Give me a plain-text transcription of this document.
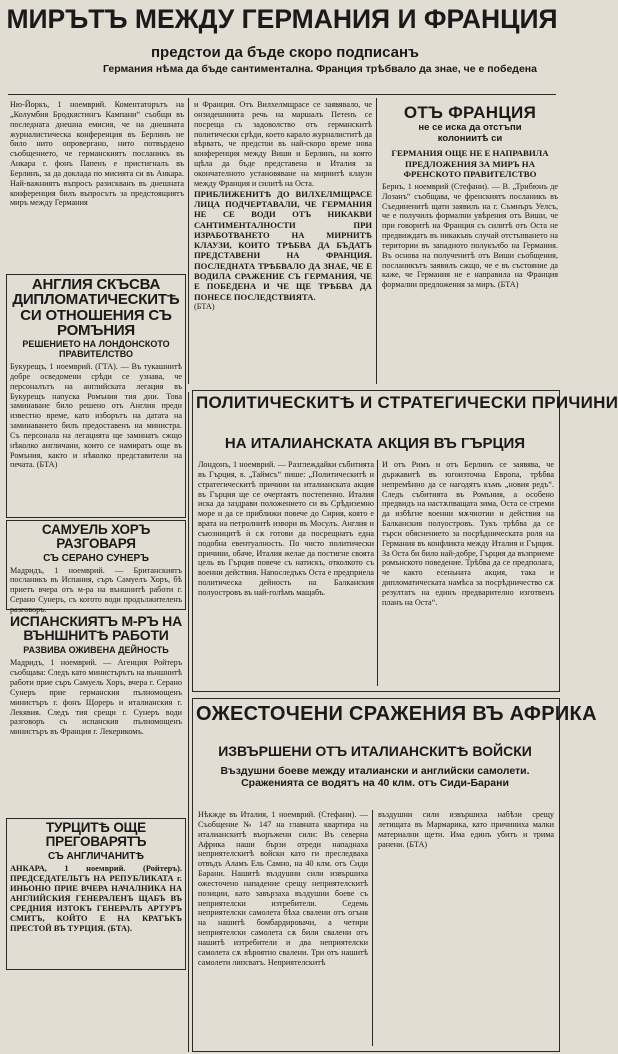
МИРЪТЪ МЕЖДУ ГЕРМАНИЯ И ФРАНЦИЯ
предстои да бъде скоро подписанъ
Германия нѣма да бъде сантиментална. Франция трѣбвало да знае, че е победена
Ню-Йоркъ, 1 ноемврий. Коментаторътъ на „Колумбия Бродкястингъ Кампани“ съобщи въ последната днешна емисия, че на днешната журналистическа конференция въ Берлинъ не било нито опровергано, нито потвърдено съобщението, че германскиятъ посланикъ въ Анкара г. фонъ Папенъ е пристигналъ въ Берлинъ, за да доклада по мисията си въ Анкара. Най-важниятъ въпросъ разискванъ въ днешната конференция билъ въпросътъ за предстоящиятъ миръ между Германия
и Франция. Отъ Вилхелмщрасе се заявявало, че онзидешнията речь на маршалъ Петенъ се посреща съ задоволство отъ германскитѣ политически срѣди, което карало журналиститѣ да вѣрватъ, че предстои въ най-скоро време нова конференция между Виши и Берлинъ, на която щѣла да бъде представена и Италия за окончателното установяване на мирнитѣ клаузи между Франция и силитѣ на Оста.
ПРИБЛИЖЕНИТѢ ДО ВИЛХЕЛМЩРАСЕ ЛИЦА ПОДЧЕРТАВАЛИ, ЧЕ ГЕРМАНИЯ НЕ СЕ ВОДИ ОТЪ НИКАКВИ САНТИМЕНТАЛНОСТИ ПРИ ИЗРАБОТВАНЕТО НА МИРНИТѢ КЛАУЗИ, КОИТО ТРѢБВА ДА БЪДАТЪ ПРЕДСТАВЕНИ НА ФРАНЦИЯ. ПОСЛЕДНАТА ТРѢБВАЛО ДА ЗНАЕ, ЧЕ Е ВОДИЛА СРАЖЕНИЕ СЪ ГЕРМАНИЯ, ЧЕ Е ПОБЕДЕНА И ЧЕ ЩЕ ТРѢБВА ДА ПОНЕСЕ ПОСЛЕДСТВИЯТА.
(БТА)
ОТЪ ФРАНЦИЯ
не се иска да отстъпи колониитѣ си
ГЕРМАНИЯ ОЩЕ НЕ Е НАПРАВИЛА ПРЕДЛОЖЕНИЯ ЗА МИРЪ НА ФРЕНСКОТО ПРАВИТЕЛСТВО
Бернъ, 1 ноемврий (Стефани). — В. „Трибюнъ де Лозанъ“ съобщава, че френскиятъ посланикъ въ Съединенитѣ щати заявилъ на г. Съмнъръ Уелсъ, че е получилъ формални увѣрения отъ Виши, че при говоритѣ на Франция съ силитѣ отъ Оста не предвиждатъ въ никакъвъ случай отстъпването на територии въ западното полукълбо на Германия. Въ основа на полученитѣ отъ Виши съобщения, посланикътъ заявилъ сжщо, че е въ състояние да каже, че Германия не е направила на Франция формални предложения за миръ. (БТА)
АНГЛИЯ СКЪСВА ДИПЛОМАТИЧЕСКИТѢ СИ ОТНОШЕНИЯ СЪ РОМЪНИЯ
РЕШЕНИЕТО НА ЛОНДОНСКОТО ПРАВИТЕЛСТВО
Букурещъ, 1 ноемврий. (ГТА). — Въ тукашнитѣ добре осведомени срѣди се узнава, че персоналътъ на английската легация въ Букурещъ напуска Ромъния тия дни. Това заминаване било решено отъ Англия преди известно време, като изборътъ на датата на заминаването билъ предоставенъ на министра. Съ персонала на легацията ще заминатъ сжщо нѣколко англичани, които се намиратъ още въ Ромъния, както и нѣколко представители на печата. (БТА)
САМУЕЛЬ ХОРЪ РАЗГОВАРЯ
СЪ СЕРАНО СУНЕРЪ
Мадридъ, 1 ноемврий. — Британскиятъ посланикъ въ Испания, съръ Самуелъ Хоръ, бѣ приетъ вчера отъ м-ра на външнитѣ работи г. Серано Сунеръ, съ когото води продължителенъ разговоръ.
ИСПАНСКИЯТЪ М-РЪ НА ВЪНШНИТѢ РАБОТИ
РАЗВИВА ОЖИВЕНА ДЕЙНОСТЬ
Мадридъ, 1 ноемврий. — Агенция Ройтеръ съобщава: Следъ като министърътъ на външнитѣ работи прие съръ Самуель Хоръ, вчера г. Серано Сунеръ прие германския пълномощенъ министъръ г. фонъ Щорерь и италианския г. Лекявия. Следъ тия срещи г. Сунеръ води разговоръ съ испанския пълномощенъ министъръ въ Франция г. Лекерикомъ.
ТУРЦИТѢ ОЩЕ ПРЕГОВАРЯТЪ
СЪ АНГЛИЧАНИТѢ
АНКАРА, 1 ноемврий. (Ройтеръ). ПРЕДСЕДАТЕЛЬТЪ НА РЕПУБЛИКАТА г. ИНЬОНЮ ПРИЕ ВЧЕРА НАЧАЛНИКА НА АНГЛИЙСКИЯ ГЕНЕРАЛЕНЪ ЩАБЪ ВЪ СРЕДНИЯ ИЗТОКЪ ГЕНЕРАЛЪ АРТУРЪ СМИТЪ, КОЙТО Е НА КРАТЪКЪ ПРЕСТОЙ ВЪ ТУРЦИЯ. (БТА).
ПОЛИТИЧЕСКИТѢ И СТРАТЕГИЧЕСКИ ПРИЧИНИ
НА ИТАЛИАНСКАТА АКЦИЯ ВЪ ГЪРЦИЯ
Лондонъ, 1 ноемврий. — Разглеждайки събитията въ Гърция, в. „Таймсъ“ пише: „Политическитѣ и стратегическитѣ причини на италианската акция въ Гърция ще се очертаятъ постепенно. Италия иска да заздрави положението си въ Срѣдиземно море и да се приближи повече до Сирия, която е врата на петролнитѣ извори въ Мосулъ. Англия и съюзницитѣ ѝ сѫ готови да посрещнатъ една подобна евентуалность. По чисто политически причини, обаче, Италия желае да постигне своята цель въ Гърция повече съ натискъ, отколкото съ военни действия. Напоследъкъ Оста е предприела политическа дейность на Балканския полуостровъ въ най-голѣмъ мащабъ.
И отъ Римъ и отъ Берлинъ се заявява, че държавитѣ въ югоизточна Европа, трѣбва непремѣнно да се нагодятъ къмъ „новия редъ“. Следъ събитията въ Ромъния, а особено предвидъ на настѫпващата зима, Оста се стреми да избѣгне военни мѫчнотии и действия на Балканския полуостровъ. Тукъ трѣбва да се търси обяснението за посрѣдническата роля на Германия въ конфликта между Италия и Гърция. За Оста би било най-добре, Гърция да възприеме ромънското поведение. Трѣбва да се предполага, че както есеньната акция, така и дипломатическата намѣса за посрѣдничество сѫ резултатъ на единъ предварително изготвенъ планъ на Оста“.
ОЖЕСТОЧЕНИ СРАЖЕНИЯ ВЪ АФРИКА
ИЗВЪРШЕНИ ОТЪ ИТАЛИАНСКИТѢ ВОЙСКИ
Въздушни боеве между италиански и английски самолети. Сраженията се водятъ на 40 клм. отъ Сиди-Барани
Нѣкжде въ Италия, 1 ноемврий. (Стефани). — Съобщение № 147 на главната квартира на италианскитѣ въоръжени сили: Въ северна Африка наши бързи отреди нападнаха неприятелскитѣ войски като ги преследваха отвъдъ Аламъ Ель Самно, на 40 клм. отъ Сиди Барани. Нашитѣ въздушни сили извършиха ожесточено нападение срещу неприятелскитѣ позиции, като завързаха въздушни боеве съ неприятелски изтребители. Седемь неприятелски самолета бѣха свалени отъ огъня на нашитѣ бомбардировачи, а четири неприятелски самолета сѫ били свалени отъ нашитѣ изтребители и два неприятелски самолета сѫ вѣроятно свалени. Три отъ нашитѣ самолети липсватъ. Неприятелскитѣ
въздушни сили извършиха набѣзи срещу летищата въ Мармарика, като причиниха малки материални щети. Има единъ убитъ и трима ранени. (БТА)
